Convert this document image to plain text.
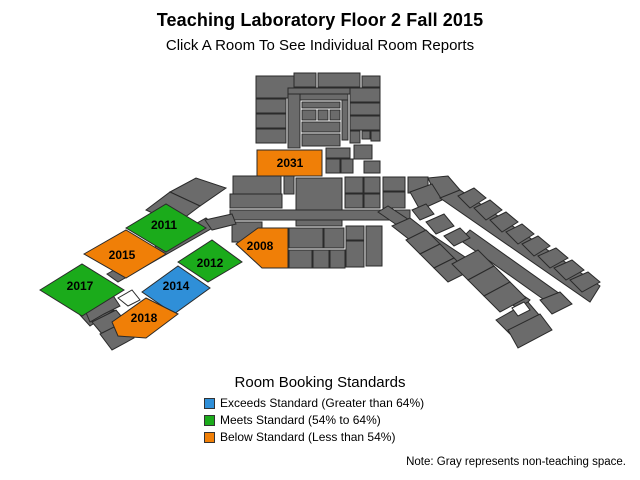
Teaching Laboratory Floor 2 Fall 2015
Click A Room To See Individual Room Reports
2031
2011
2015
2012
2008
2017	2014
2018
Room Booking Standards
Exceeds Standard (Greater than 64%)
Meets Standard (54% to 64%)
Below Standard (Less than 54%)
Note: Gray represents non-teaching space.
